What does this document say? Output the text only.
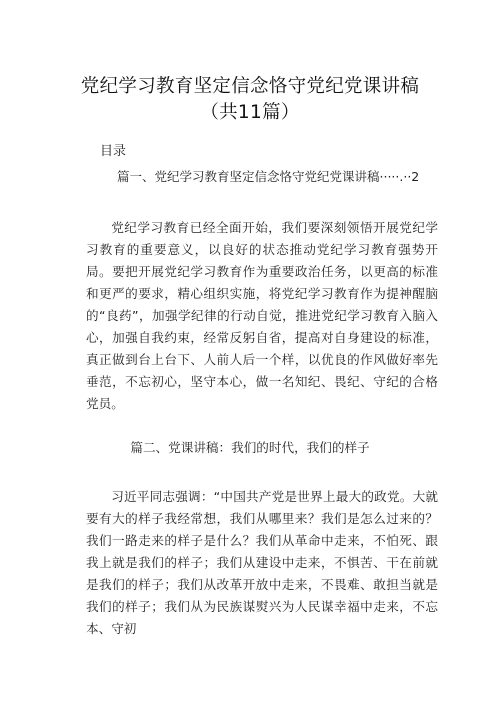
党纪学习教育坚定信念恪守党纪党课讲稿
（共11篇）
目录
篇一、党纪学习教育坚定信念恪守党纪党课讲稿·····.··2

党纪学习教育已经全面开始，我们要深刻领悟开展党纪学习教育的重要意义，以良好的状态推动党纪学习教育强势开局。要把开展党纪学习教育作为重要政治任务，以更高的标准和更严的要求，精心组织实施，将党纪学习教育作为提神醒脑的“良药”，加强学纪律的行动自觉，推进党纪学习教育入脑入心，加强自我约束，经常反躬自省，提高对自身建设的标准，真正做到台上台下、人前人后一个样，以优良的作风做好率先垂范，不忘初心，坚守本心，做一名知纪、畏纪、守纪的合格党员。

篇二、党课讲稿：我们的时代，我们的样子

习近平同志强调：“中国共产党是世界上最大的政党。大就要有大的样子我经常想，我们从哪里来？我们是怎么过来的？我们一路走来的样子是什么？我们从革命中走来，不怕死、跟我上就是我们的样子；我们从建设中走来，不惧苦、干在前就是我们的样子；我们从改革开放中走来，不畏难、敢担当就是我们的样子；我们从为民族谋熨兴为人民谋幸福中走来，不忘本、守初
